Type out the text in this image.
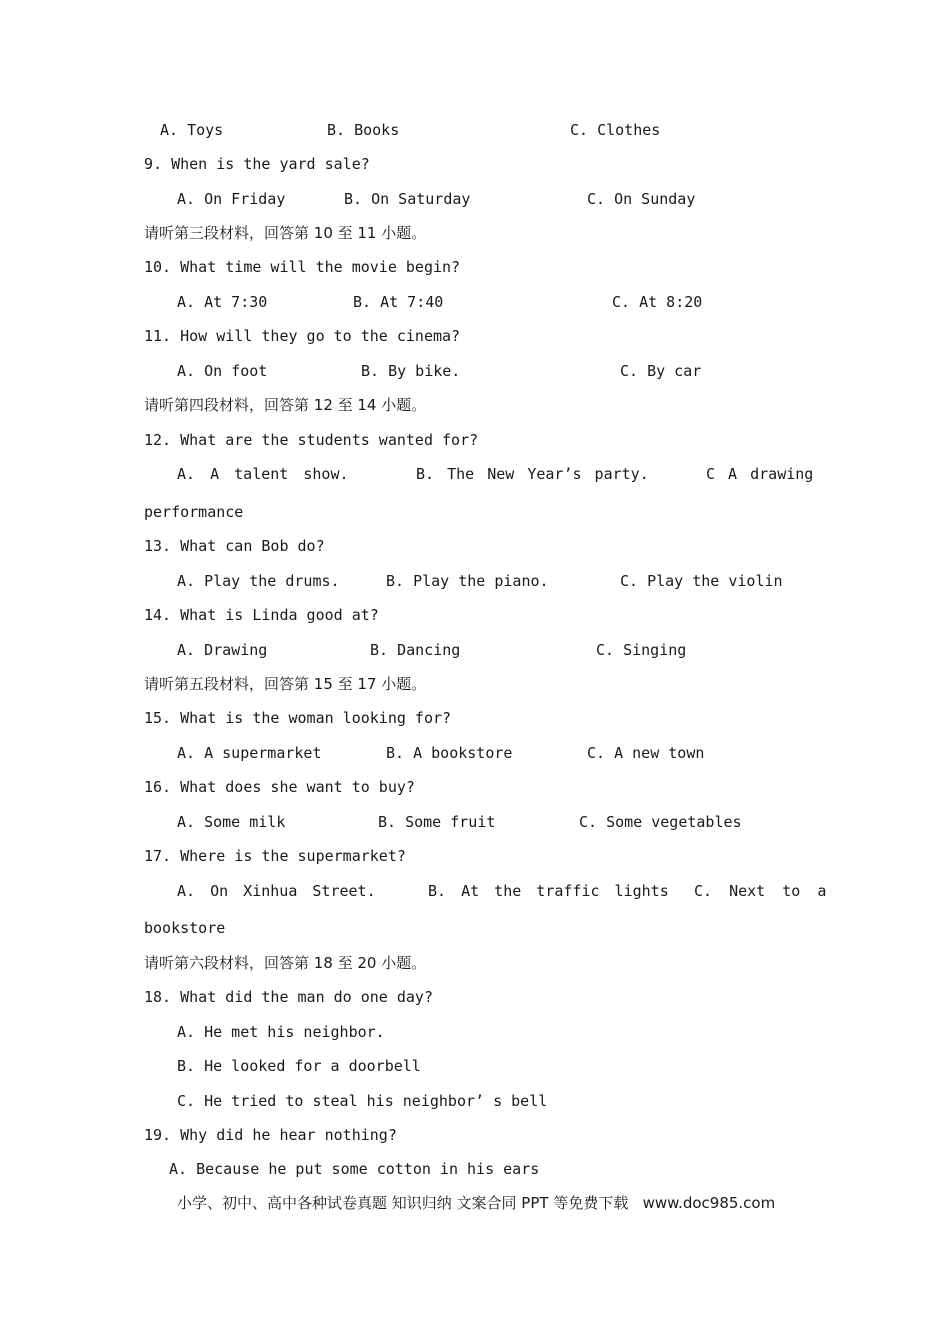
A. Toys	B. Books	C. Clothes
9. When is the yard sale?
A. On Friday	B. On Saturday	C. On Sunday
请听第三段材料，回答第 10 至 11 小题。
10. What time will the movie begin?
A. At 7:30	B. At 7:40	C. At 8:20
11. How will they go to the cinema?
A. On foot	B. By bike.	C. By car
请听第四段材料，回答第 12 至 14 小题。
12. What are the students wanted for?
A. A talent show.	B. The New Year’s party.	C A drawing
performance
13. What can Bob do?
A. Play the drums.	B. Play the piano.	C. Play the violin
14. What is Linda good at?
A. Drawing	B. Dancing	C. Singing
请听第五段材料，回答第 15 至 17 小题。
15. What is the woman looking for?
A. A supermarket	B. A bookstore	C. A new town
16. What does she want to buy?
A. Some milk	B. Some fruit	C. Some vegetables
17. Where is the supermarket?
A. On Xinhua Street.	B. At the traffic lights C. Next to a
bookstore
请听第六段材料，回答第 18 至 20 小题。
18. What did the man do one day?
A. He met his neighbor.
B. He looked for a doorbell
C. He tried to steal his neighbor’ s bell
19. Why did he hear nothing?
A. Because he put some cotton in his ears
小学、初中、高中各种试卷真题 知识归纳 文案合同 PPT 等免费下载   www.doc985.com
